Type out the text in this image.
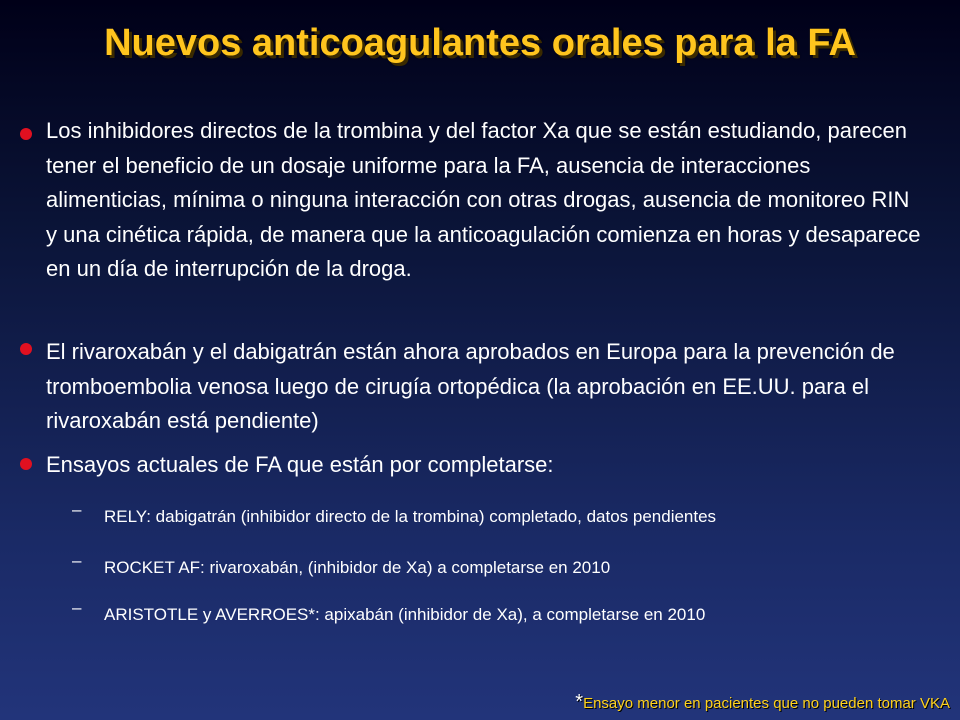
Nuevos anticoagulantes orales para la FA
Los inhibidores directos de la trombina y del factor Xa que se están estudiando, parecen tener el beneficio de un dosaje uniforme para la FA, ausencia de interacciones alimenticias, mínima o ninguna interacción con otras drogas, ausencia de monitoreo RIN y una cinética rápida, de manera que la anticoagulación comienza en horas y desaparece en un día de interrupción de la droga.
El rivaroxabán y el dabigatrán están ahora aprobados en Europa para la prevención de tromboembolia venosa luego de cirugía ortopédica (la aprobación en EE.UU. para el rivaroxabán está pendiente)
Ensayos actuales de FA que están por completarse:
– RELY: dabigatrán (inhibidor directo de la trombina) completado, datos pendientes
– ROCKET AF: rivaroxabán, (inhibidor de Xa) a completarse en 2010
– ARISTOTLE y AVERROES*: apixabán (inhibidor de Xa), a completarse en 2010
*Ensayo menor en pacientes que no pueden tomar VKA
